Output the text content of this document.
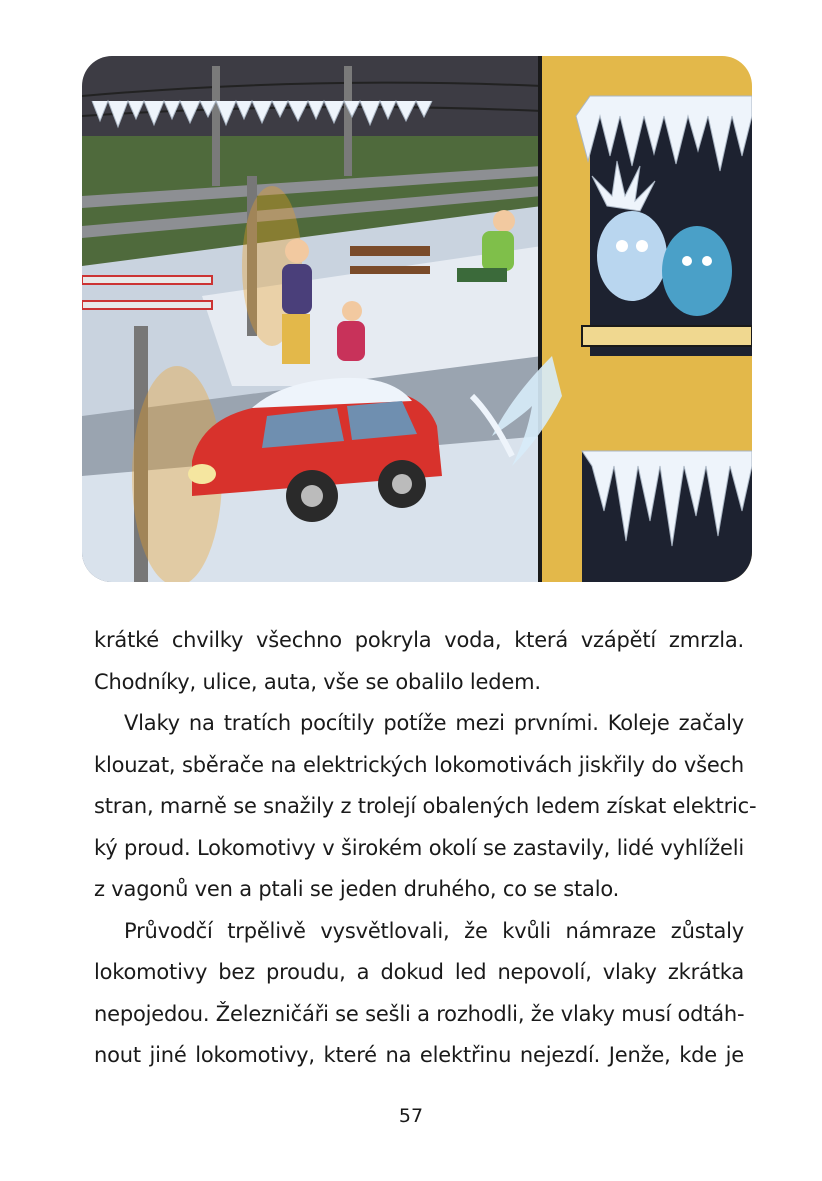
krátké chvilky všechno pokryla voda, která vzápětí zmrzla.
Chodníky, ulice, auta, vše se obalilo ledem.
Vlaky na tratích pocítily potíže mezi prvními. Koleje začaly
klouzat, sběrače na elektrických lokomotivách jiskřily do všech
stran, marně se snažily z trolejí obalených ledem získat elektric-
ký proud. Lokomotivy v širokém okolí se zastavily, lidé vyhlíželi
z vagonů ven a ptali se jeden druhého, co se stalo.
Průvodčí trpělivě vysvětlovali, že kvůli námraze zůstaly
lokomotivy bez proudu, a dokud led nepovolí, vlaky zkrátka
nepojedou. Železničáři se sešli a rozhodli, že vlaky musí odtáh-
nout jiné lokomotivy, které na elektřinu nejezdí. Jenže, kde je
57
